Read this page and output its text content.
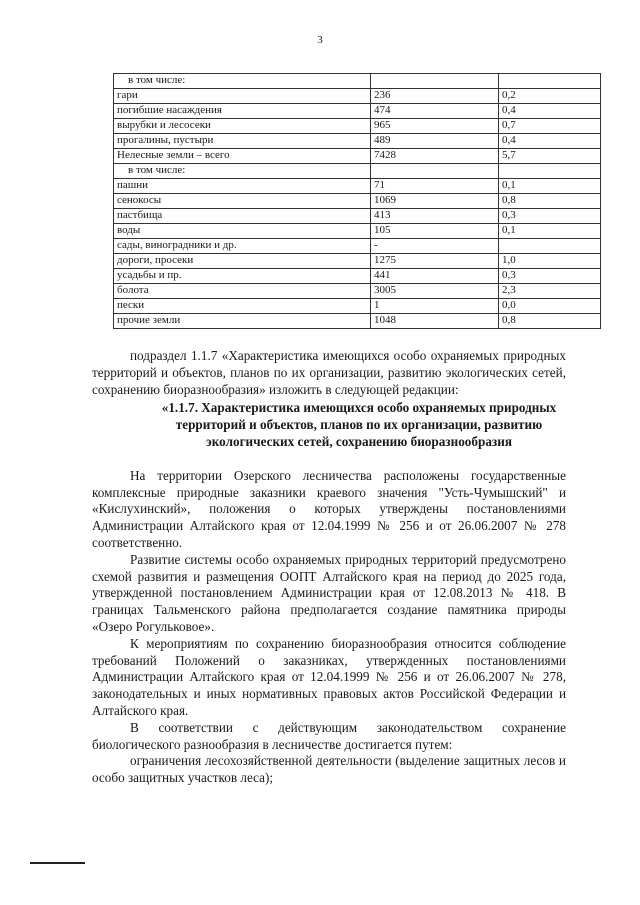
3
в том числе:		
гари	236	0,2
погибшие насаждения	474	0,4
вырубки и лесосеки	965	0,7
прогалины, пустыри	489	0,4
Нелесные земли – всего	7428	5,7
в том числе:		
пашни	71	0,1
сенокосы	1069	0,8
пастбища	413	0,3
воды	105	0,1
сады, виноградники и др.	-	
дороги, просеки	1275	1,0
усадьбы и пр.	441	0,3
болота	3005	2,3
пески	1	0,0
прочие земли	1048	0,8

подраздел 1.1.7 «Характеристика имеющихся особо охраняемых природных территорий и объектов, планов по их организации, развитию экологических сетей, сохранению биоразнообразия» изложить в следующей редакции:

«1.1.7. Характеристика имеющихся особо охраняемых природных территорий и объектов, планов по их организации, развитию экологических сетей, сохранению биоразнообразия

На территории Озерского лесничества расположены государственные комплексные природные заказники краевого значения "Усть-Чумышский" и «Кислухинский», положения о которых утверждены постановлениями Администрации Алтайского края от 12.04.1999 № 256 и от 26.06.2007 № 278 соответственно.

Развитие системы особо охраняемых природных территорий предусмотрено схемой развития и размещения ООПТ Алтайского края на период до 2025 года, утвержденной постановлением Администрации края от 12.08.2013 № 418. В границах Тальменского района предполагается создание памятника природы «Озеро Рогульковое».

К мероприятиям по сохранению биоразнообразия относится соблюдение требований Положений о заказниках, утвержденных постановлениями Администрации Алтайского края от 12.04.1999 № 256 и от 26.06.2007 № 278, законодательных и иных нормативных правовых актов Российской Федерации и Алтайского края.

В соответствии с действующим законодательством сохранение биологического разнообразия в лесничестве достигается путем:

ограничения лесохозяйственной деятельности (выделение защитных лесов и особо защитных участков леса);
